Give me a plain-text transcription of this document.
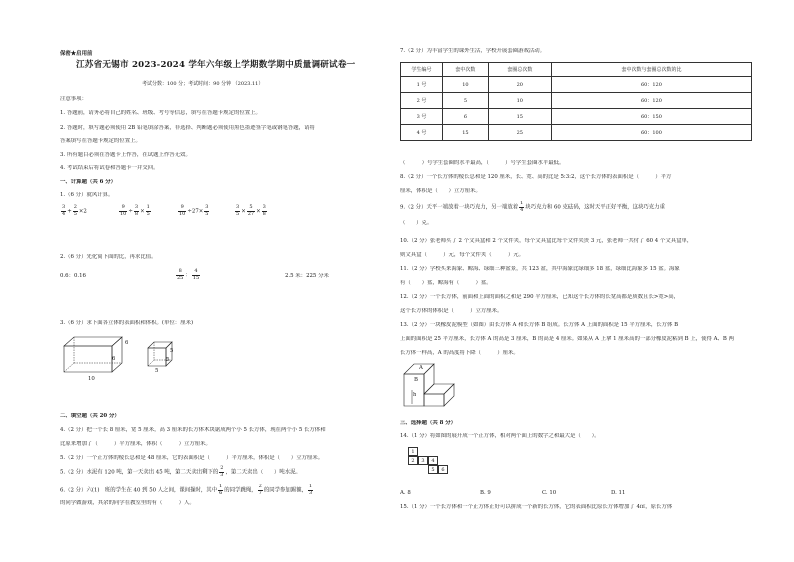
保密★启用前
江苏省无锡市 2023-2024 学年六年级上学期数学期中质量调研试卷一
考试分数：100 分；考试时间：90 分钟 （2023.11）
注意事项：
1. 答题前，请务必将自己的姓名、班级、考号等信息，填写在答题卡规定的位置上。
2. 答题时，填写题必须使用 2B 铅笔填涂答案，非选择、判断题必须使用黑色墨迹签字笔或钢笔答题，请将
答案填写在答题卡规定的位置上。
3. 所有题目必须在答题卡上作答，在试题上作答无效。
4. 考试结束后将试卷和答题卡一并交回。
一、计算题（共 6 分）
1.（6 分）就风计算。
$\frac{3}{4} + \frac{2}{5} \times 2$	$\frac{9}{10} \div \frac{3}{8} \times \frac{1}{5}$	$\frac{9}{10} \div 27\times \frac{3}{5}$	$\frac{3}{5} \times \frac{5}{27} \times \frac{3}{8}$
2.（6 分）先化简下面的比，再求比值。
0.6：0.16	$\frac{8}{25}$ ： $\frac{4}{15}$	2.5 米：225 分米
3.（6 分）求下面各立体的表面积和体积。(单位：厘米)
6
10
6
5
5
5
二、填空题（共 20 分）
4.（2 分）把一个长 8 厘米，宽 5 厘米，高 3 厘米的长方体木块锯成两个小 5 长方体，现在两个小 5 长方体和
比原来增加了（　　　）平方厘米，体积（　　　）立方厘米。
5.（2 分）一个正方体的棱长总和是 48 厘米，它的表面积是（　　　）平方厘米，体积是（　　）立方厘米。
5.（2 分）水泥有 120 吨，第一天卖出 45 吨，第二天卖出剩下的 $\frac{2}{3}$ ，第二天卖出（　　）吨水泥。
6.（2 分）六(1)　班的学生在 40 到 50 人之间，课间操时，其中 $\frac{1}{6}$ 的同学跳绳， $\frac{2}{7}$ 的同学参加踢毽， $\frac{1}{3}$
的同学做游戏，其余的同学在教室里的有（　　　）人。
7.（2 分）为丰富学生的课外生活，学校开展套圈游戏活动。
学生编号	套中次数	套圈总次数	套中次数与套圈总次数的比
1 号	10	20	60：120
2 号	5	10	60：120
3 号	6	15	60：150
4 号	15	25	60：100
（　　　）号学生套圈的水平最高，（　　　）号学生套圈水平最低。
8.（2 分）一个长方体的棱长总和是 120 厘米，长、宽、高的比是 5:3:2，这个长方体的表面积是（　　　）平方
厘米，体积是（　　）立方厘米。
9.（2 分）天平一端放着一块巧克力，另一端放着 $\frac{1}{4}$ 块巧克力和 60 克砝码，这时天平正好平衡，这块巧克力重
（　　）克。
10.（2 分）张老师买了 2 个文具盒和 2 个文件夹，每个文具盒比每个文件夹贵 3 元，张老师一共付了 60 4 个文具盒单，
则文具盒（　　　）元，每个文件夹（　　　）元。
11.（2 分）学校买来海象、鲸海、绿细三种盆景，共 123 盆，其中海象比绿细多 18 盆，绿细比海象多 15 盆。海象
有（　　）盆，鲸海有（　　　）盆。
12.（2 分）一个长方体，前面和上面的面积之和是 290 平方厘米，已知这个长方体的长宽高都是质数且长>宽>高，
这个长方体的体积是（　　　）立方厘米。
13.（2 分）一块橡皮泥模型（如图）由长方体 A 和长方体 B 组成。长方体 A 上面的面积是 15 平方厘米，长方体 B
上面的面积是 25 平方厘米，长方体 A 的高是 3 厘米，B 的高是 4 厘米。如果从 A 上拿 1 厘米高的一部分橡皮泥粘到 B 上，使得 A、B 两
长方体一样高，A 的高度将下降（　　　）厘米。
A
B
h
三、选择题（共 8 分）
14.（1 分）将如图的展开成一个正方体，相对两个面上的数字之和最大是（　　）。
1
2	3	4
5	6
A. 8	B. 9	C. 10	D. 11
15.（1 分）一个长方体和一个正方体正好可以拼成一个新的长方体，它的表面积比原长方体增加了 4㎡，原长方体
